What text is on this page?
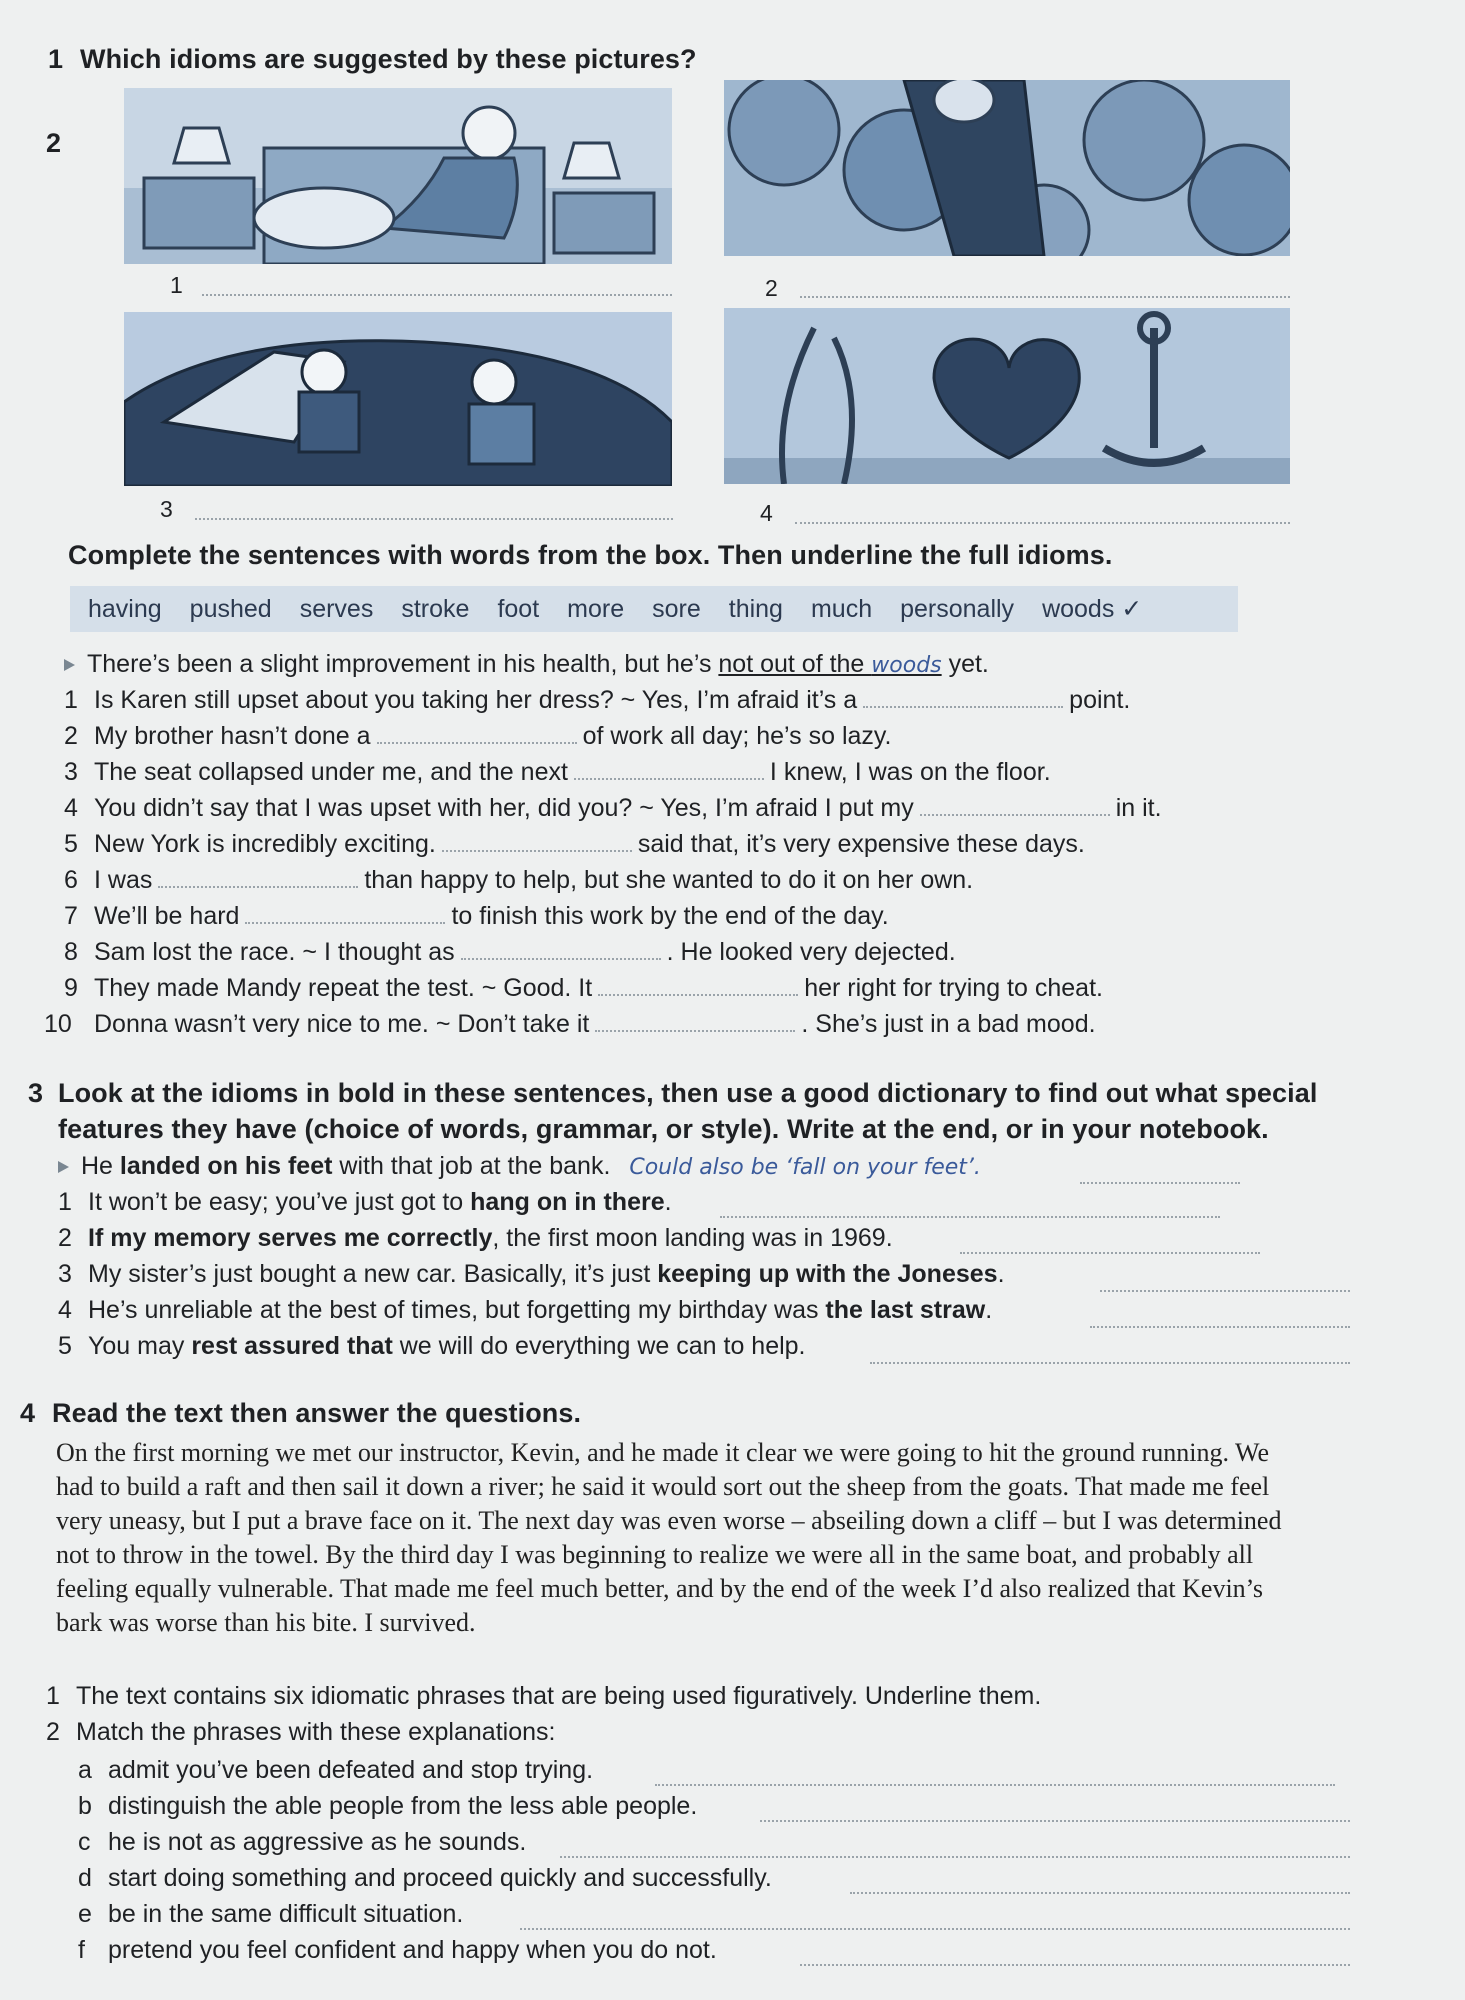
1 Which idioms are suggested by these pictures?
2
1	2
3	4
Complete the sentences with words from the box. Then underline the full idioms.
having pushed serves stroke foot more sore thing much personally woods ✓
There’s been a slight improvement in his health, but he’s not out of the woods yet.
1 Is Karen still upset about you taking her dress? ~ Yes, I’m afraid it’s a	point.
2 My brother hasn’t done a	of work all day; he’s so lazy.
3 The seat collapsed under me, and the next	I knew, I was on the floor.
4 You didn’t say that I was upset with her, did you? ~ Yes, I’m afraid I put my	in it.
5 New York is incredibly exciting.	said that, it’s very expensive these days.
6 I was	than happy to help, but she wanted to do it on her own.
7 We’ll be hard	to finish this work by the end of the day.
8 Sam lost the race. ~ I thought as	. He looked very dejected.
9 They made Mandy repeat the test. ~ Good. It	her right for trying to cheat.
10 Donna wasn’t very nice to me. ~ Don’t take it	. She’s just in a bad mood.
3 Look at the idioms in bold in these sentences, then use a good dictionary to find out what special
features they have (choice of words, grammar, or style). Write at the end, or in your notebook.
He landed on his feet with that job at the bank. Could also be ‘fall on your feet’.
1 It won’t be easy; you’ve just got to hang on in there.
2 If my memory serves me correctly, the first moon landing was in 1969.
3 My sister’s just bought a new car. Basically, it’s just keeping up with the Joneses.
4 He’s unreliable at the best of times, but forgetting my birthday was the last straw.
5 You may rest assured that we will do everything we can to help.
4 Read the text then answer the questions.
On the first morning we met our instructor, Kevin, and he made it clear we were going to hit the ground running. We
had to build a raft and then sail it down a river; he said it would sort out the sheep from the goats. That made me feel
very uneasy, but I put a brave face on it. The next day was even worse – abseiling down a cliff – but I was determined
not to throw in the towel. By the third day I was beginning to realize we were all in the same boat, and probably all
feeling equally vulnerable. That made me feel much better, and by the end of the week I’d also realized that Kevin’s
bark was worse than his bite. I survived.
1 The text contains six idiomatic phrases that are being used figuratively. Underline them.
2 Match the phrases with these explanations:
a admit you’ve been defeated and stop trying.
b distinguish the able people from the less able people.
c he is not as aggressive as he sounds.
d start doing something and proceed quickly and successfully.
e be in the same difficult situation.
f pretend you feel confident and happy when you do not.
